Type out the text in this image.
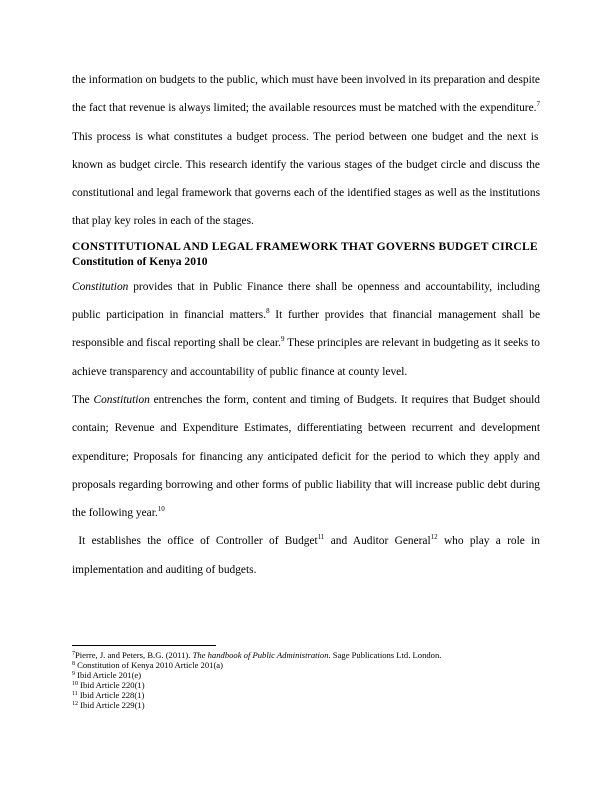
the information on budgets to the public, which must have been involved in its preparation and despite the fact that revenue is always limited; the available resources must be matched with the expenditure.$^7$ This process is what constitutes a budget process. The period between one budget and the next is known as budget circle. This research identify the various stages of the budget circle and discuss the constitutional and legal framework that governs each of the identified stages as well as the institutions that play key roles in each of the stages.

CONSTITUTIONAL AND LEGAL FRAMEWORK THAT GOVERNS BUDGET CIRCLE
Constitution of Kenya 2010

Constitution provides that in Public Finance there shall be openness and accountability, including public participation in financial matters.$^8$ It further provides that financial management shall be responsible and fiscal reporting shall be clear.$^9$ These principles are relevant in budgeting as it seeks to achieve transparency and accountability of public finance at county level.

The Constitution entrenches the form, content and timing of Budgets. It requires that Budget should contain; Revenue and Expenditure Estimates, differentiating between recurrent and development expenditure; Proposals for financing any anticipated deficit for the period to which they apply and proposals regarding borrowing and other forms of public liability that will increase public debt during the following year.$^{10}$

It establishes the office of Controller of Budget$^{11}$ and Auditor General$^{12}$ who play a role in implementation and auditing of budgets.

$^7$Pierre, J. and Peters, B.G. (2011). The handbook of Public Administration. Sage Publications Ltd. London.
$^8$ Constitution of Kenya 2010 Article 201(a)
$^9$ Ibid Article 201(e)
$^{10}$ Ibid Article 220(1)
$^{11}$ Ibid Article 228(1)
$^{12}$ Ibid Article 229(1)
